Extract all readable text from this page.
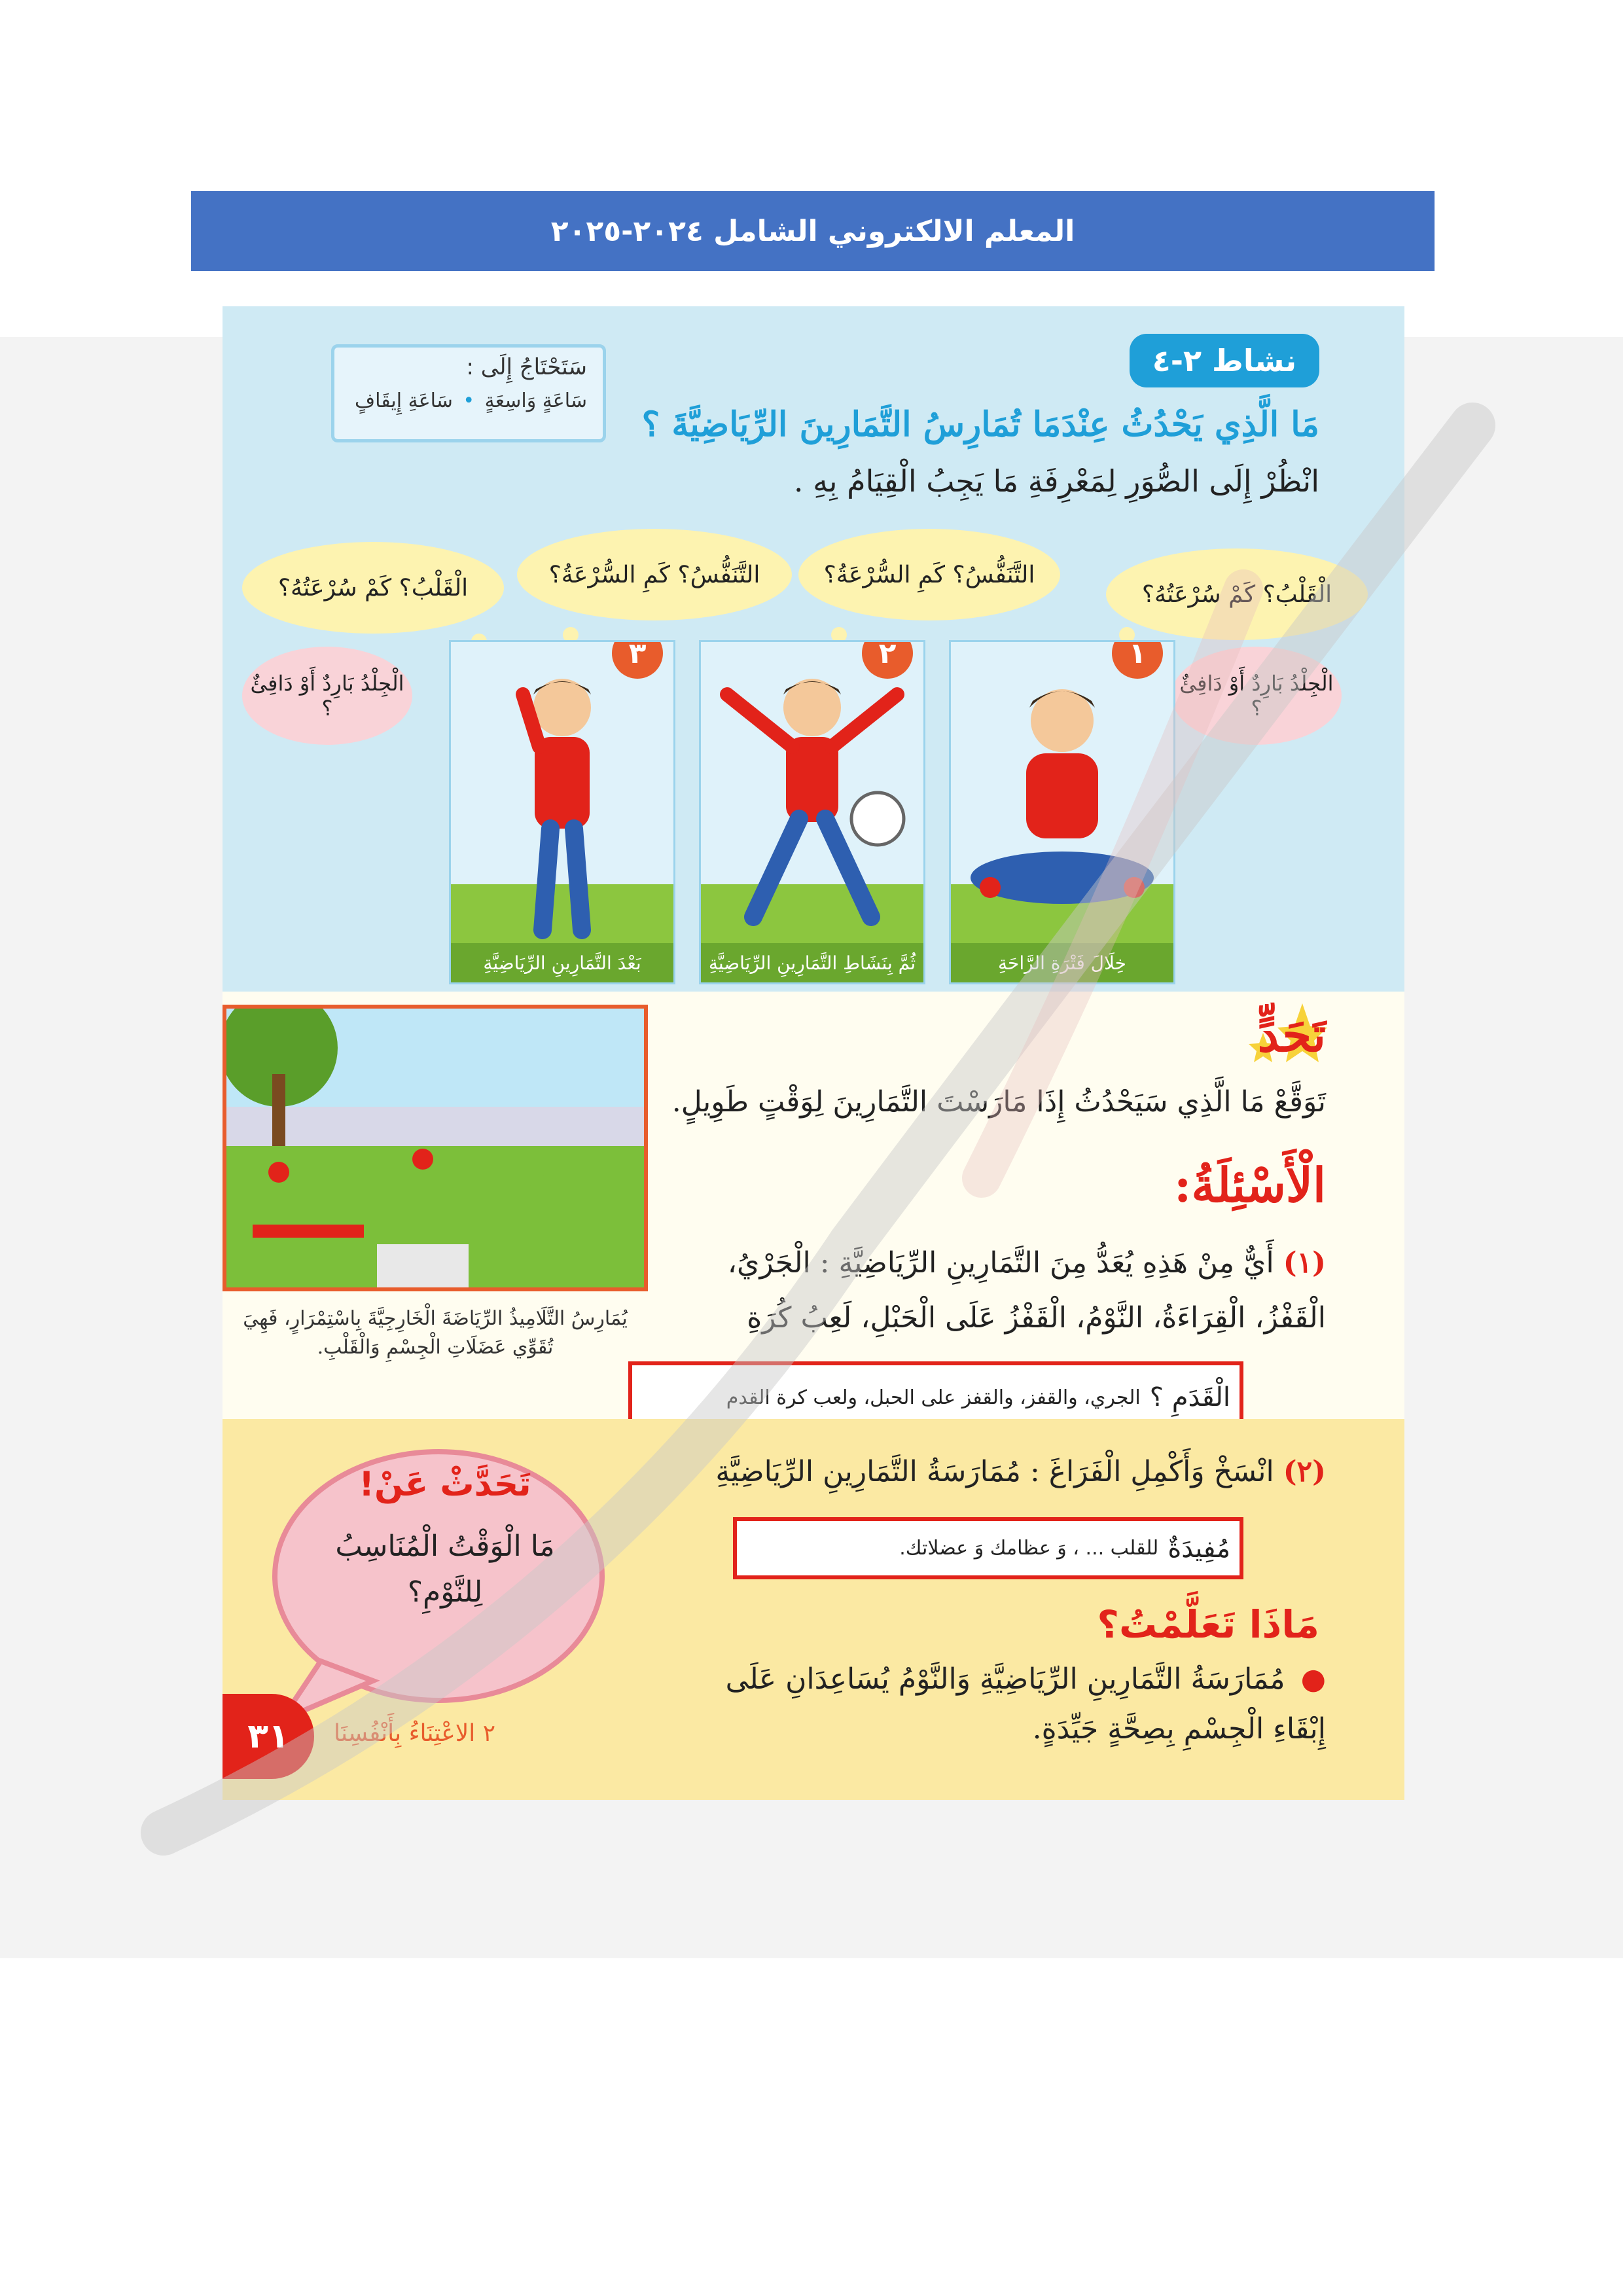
المعلم الالكتروني الشامل ٢٠٢٤-٢٠٢٥
نشاط ٢-٤
سَتَحْتَاجُ إِلَى :
سَاعَةٍ وَاسِعَةٍ • سَاعَةِ إِيقَافٍ
مَا الَّذِي يَحْدُثُ عِنْدَمَا تُمَارِسُ التَّمَارِينَ الرِّيَاضِيَّةَ ؟
انْظُرْ إِلَى الصُّوَرِ لِمَعْرِفَةِ مَا يَجِبُ الْقِيَامُ بِهِ .
الْقَلْبُ؟ كَمْ سُرْعَتُهُ؟
التَّنَفُّسُ؟ كَمِ السُّرْعَةُ؟
التَّنَفُّسُ؟ كَمِ السُّرْعَةُ؟
الْقَلْبُ؟ كَمْ سُرْعَتُهُ؟
الْجِلْدُ بَارِدٌ أَوْ دَافِئٌ ؟
الْجِلْدُ بَارِدٌ أَوْ دَافِئٌ ؟
١
خِلَالَ فَتْرَةِ الرَّاحَةِ
٢
ثُمَّ بِنَشَاطِ التَّمَارِينِ الرِّيَاضِيَّةِ
٣
بَعْدَ التَّمَارِينِ الرِّيَاضِيَّةِ
تَحَدٍّ
تَوَقَّعْ مَا الَّذِي سَيَحْدُثُ إِذَا مَارَسْتَ التَّمَارِينَ لِوَقْتٍ طَوِيلٍ.
يُمَارِسُ التَّلَامِيذُ الرِّيَاضَةَ الْخَارِجِيَّةَ بِاسْتِمْرَارٍ، فَهِيَ تُقَوِّي عَضَلَاتِ الْجِسْمِ وَالْقَلْبِ.
الْأَسْئِلَةُ:
(١) أَيٌّ مِنْ هَذِهِ يُعَدُّ مِنَ التَّمَارِينِ الرِّيَاضِيَّةِ : الْجَرْيُ، الْقَفْزُ، الْقِرَاءَةُ، النَّوْمُ، الْقَفْزُ عَلَى الْحَبْلِ، لَعِبُ كُرَةِ
الْقَدَمِ ؟
الجري، والقفز، والقفز على الحبل، ولعب كرة القدم
(٢) انْسَخْ وَأَكْمِلِ الْفَرَاغَ : مُمَارَسَةُ التَّمَارِينِ الرِّيَاضِيَّةِ
مُفِيدَةٌ
للقلب ... ، وَ عظامك وَ عضلاتك.
تَحَدَّثْ عَنْ!
مَا الْوَقْتُ الْمُنَاسِبُ لِلنَّوْمِ؟
مَاذَا تَعَلَّمْتُ؟
● مُمَارَسَةُ التَّمَارِينِ الرِّيَاضِيَّةِ وَالنَّوْمُ يُسَاعِدَانِ عَلَى إِبْقَاءِ الْجِسْمِ بِصِحَّةٍ جَيِّدَةٍ.
٣١ ٢ الاعْتِنَاءُ بِأَنْفُسِنَا
